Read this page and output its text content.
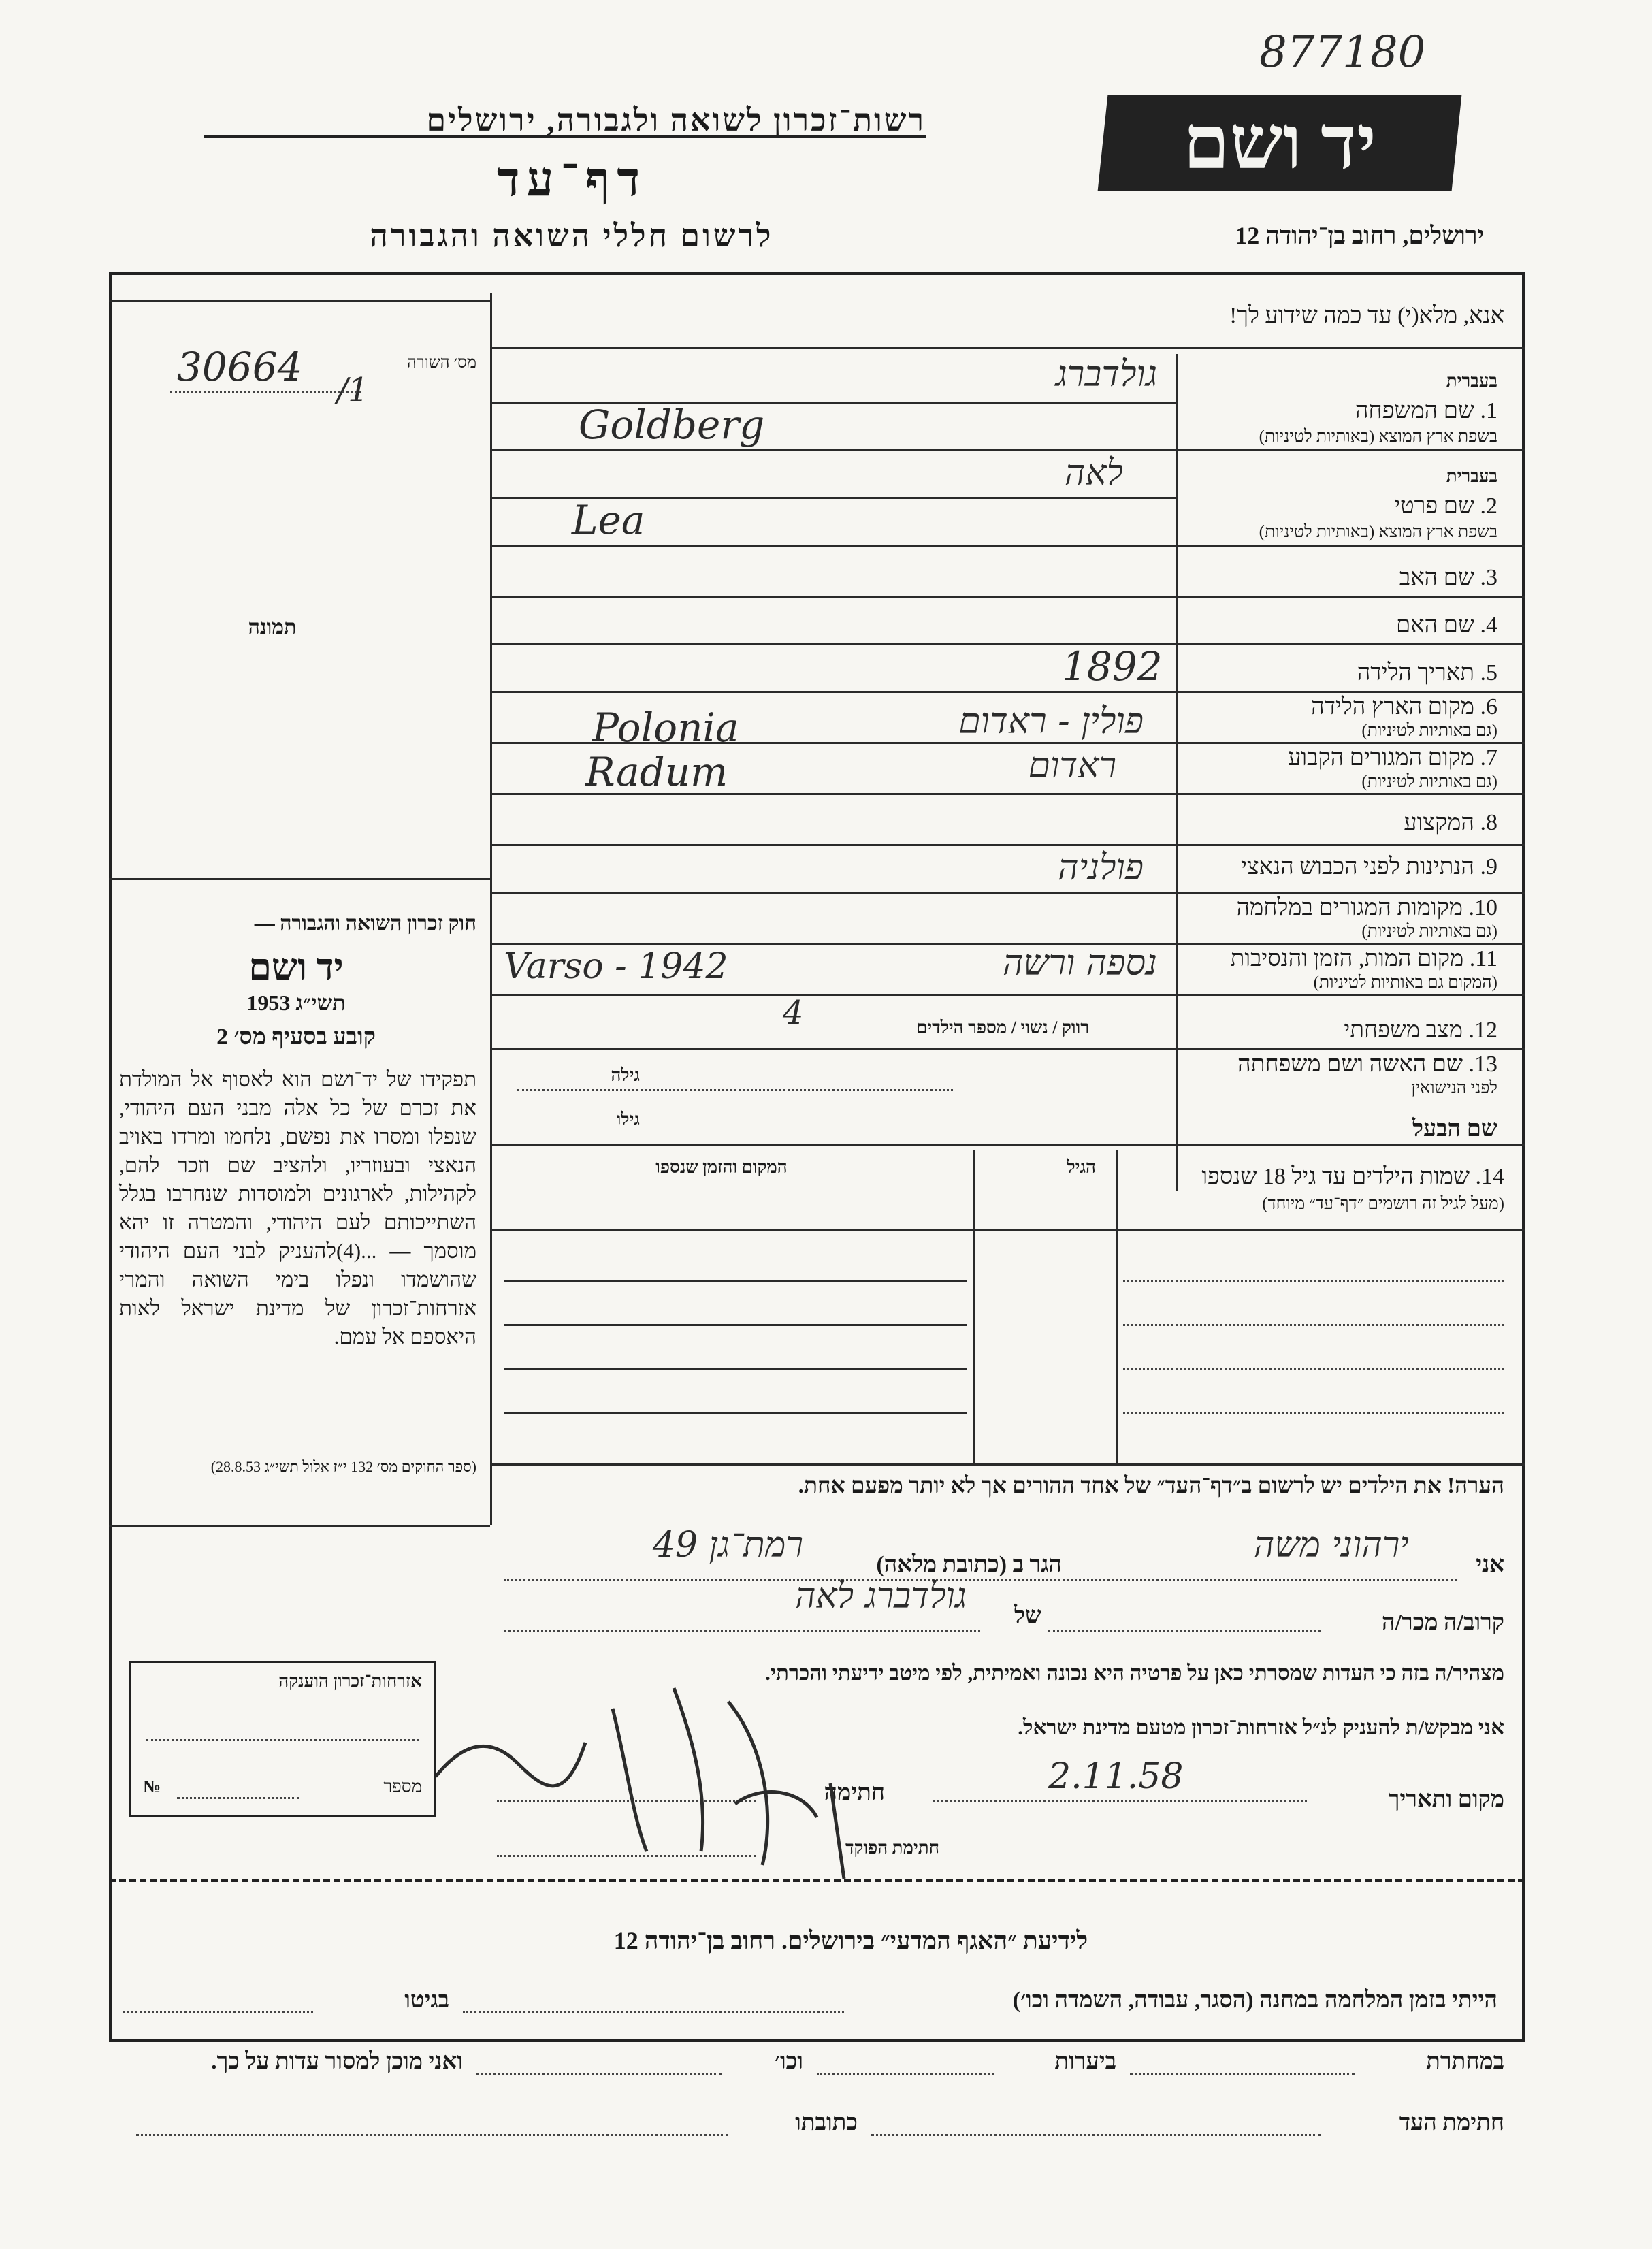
877180
יד ושם
רשות־זכרון לשואה ולגבורה, ירושלים
דף־עד
לרשום חללי השואה והגבורה	ירושלים, רחוב בן־יהודה 12
אנא, מלא(י) עד כמה שידוע לך!
מס׳ השורה
30664 /1
תמונה
חוק זכרון השואה והגבורה —
יד ושם
תשי״ג 1953
קובע בסעיף מס׳ 2
תפקידו של יד־ושם הוא לאסוף אל המולדת את זכרם של כל אלה מבני העם היהודי, שנפלו ומסרו את נפשם, נלחמו ומרדו באויב הנאצי ובעוזריו, ולהציב שם וזכר להם, לקהילות, לארגונים ולמוסדות שנחרבו בגלל השתייכותם לעם היהודי, והמטרה זו יהא מוסמך — ...(4)להעניק לבני העם היהודי שהושמדו ונפלו בימי השואה והמרי אזרחות־זכרון של מדינת ישראל לאות היאספם אל עמם.
(ספר החוקים מס׳ 132 י״ז אלול תשי״ג 28.8.53)
בעברית
1. שם המשפחה
בשפת ארץ המוצא (באותיות לטיניות)
גולדברג
Goldberg
בעברית
2. שם פרטי
בשפת ארץ המוצא (באותיות לטיניות)
לאה
Lea
3. שם האב
4. שם האם
5. תאריך הלידה
1892
6. מקום הארץ הלידה
(גם באותיות לטיניות)
Polonia	פולין - ראדום
7. מקום המגורים הקבוע
(גם באותיות לטיניות)
Radum	ראדום
8. המקצוע
9. הנתינות לפני הכבוש הנאצי
פולניה
10. מקומות המגורים במלחמה
(גם באותיות לטיניות)
11. מקום המות, הזמן והנסיבות
(המקום גם באותיות לטיניות)
Varso - 1942	נספה ורשה
12. מצב משפחתי
רווק / נשוי / מספר הילדים
4
13. שם האשה ושם משפחתה
לפני הנישואין
גילה
גילו	שם הבעל
14. שמות הילדים עד גיל 18 שנספו
(מעל לגיל זה רושמים ״דף־עד״ מיוחד)
הגיל
המקום והזמן שנספו
הערה! את הילדים יש לרשום ב״דף־העד״ של אחד ההורים אך לא יותר מפעם אחת.
אני
ירהוני משה
הגר ב (כתובת מלאה)
רמת־גן 49
קרוב/ה מכר/ה
של
גולדברג לאה
מצהיר/ה בזה כי העדות שמסרתי כאן על פרטיה היא נכונה ואמיתית, לפי מיטב ידיעתי והכרתי.
אני מבקש/ת להעניק לנ״ל אזרחות־זכרון מטעם מדינת ישראל.
מקום ותאריך
2.11.58
חתימה
חתימת הפוקד
אזרחות־זכרון הוענקה
מספר
№
לידיעת ״האגף המדעי״ בירושלים. רחוב בן־יהודה 12
הייתי בזמן המלחמה במחנה (הסגר, עבודה, השמדה וכו׳)
בגיטו
במחתרת
ביערות
וכו׳
ואני מוכן למסור עדות על כך.
חתימת העד
כתובתו
